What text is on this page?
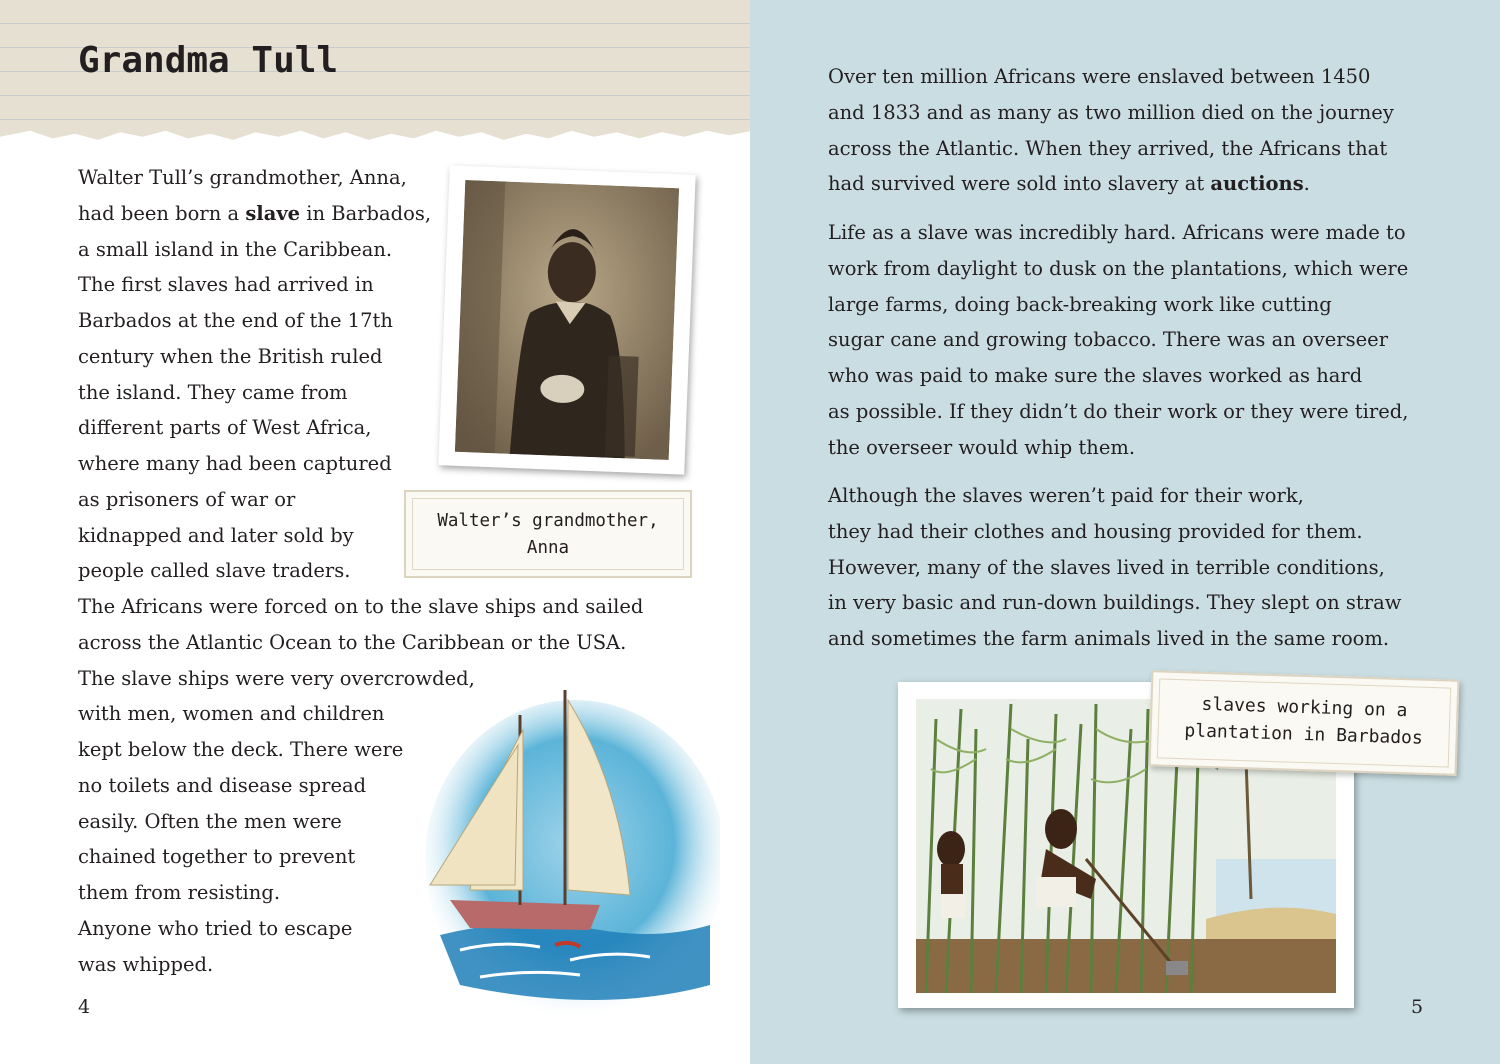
Grandma Tull
Walter Tull’s grandmother, Anna,
had been born a slave in Barbados,
a small island in the Caribbean.
The first slaves had arrived in
Barbados at the end of the 17th
century when the British ruled
the island. They came from
different parts of West Africa,
where many had been captured
as prisoners of war or
kidnapped and later sold by
people called slave traders.
The Africans were forced on to the slave ships and sailed
across the Atlantic Ocean to the Caribbean or the USA.
The slave ships were very overcrowded,
with men, women and children
kept below the deck. There were
no toilets and disease spread
easily. Often the men were
chained together to prevent
them from resisting.
Anyone who tried to escape
was whipped.
Walter’s grandmother,
Anna
4
Over ten million Africans were enslaved between 1450
and 1833 and as many as two million died on the journey
across the Atlantic. When they arrived, the Africans that
had survived were sold into slavery at auctions.
Life as a slave was incredibly hard. Africans were made to
work from daylight to dusk on the plantations, which were
large farms, doing back-breaking work like cutting
sugar cane and growing tobacco. There was an overseer
who was paid to make sure the slaves worked as hard
as possible. If they didn’t do their work or they were tired,
the overseer would whip them.
Although the slaves weren’t paid for their work,
they had their clothes and housing provided for them.
However, many of the slaves lived in terrible conditions,
in very basic and run-down buildings. They slept on straw
and sometimes the farm animals lived in the same room.
slaves working on a
plantation in Barbados
5
